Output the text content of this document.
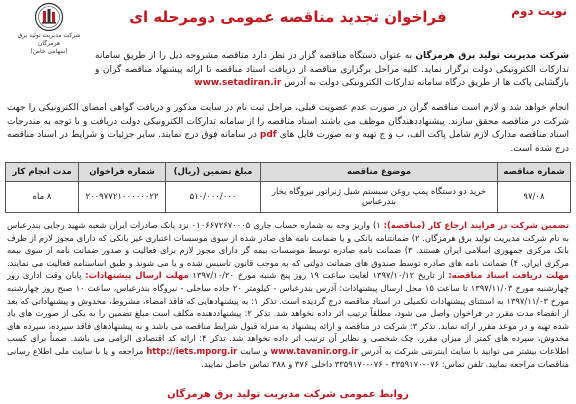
نوبت دوم
فراخوان تجدید مناقصه عمومی دومرحله ای
شرکت مدیریت تولید برق هرمزگان
(سهامی خاص)	شرکت مدیریت تولید برق هرمزگان به عنوان دستگاه مناقصه گزار در نظر دارد مناقصه مشروحه ذیل را از طریق سامانه تدارکات الکترونیکی دولت برگزار نماید. کلیه مراحل برگزاری مناقصه از دریافت اسناد مناقصه تا ارائه پیشنهاد مناقصه گران و بازگشایی پاکت ها از طریق درگاه سامانه تدارکات الکترونیکی دولت به آدرس www.setadiran.ir
انجام خواهد شد و لازم است مناقصه گران در صورت عدم عضویت قبلی، مراحل ثبت نام در سایت مذکور و دریافت گواهی امضای الکترونیکی را جهت شرکت در مناقصه محقق سازند. پیشنهاددهندگان موظف می باشند اسناد مناقصه را از سامانه تدارکات الکترونیکی دولت دریافت و با توجه به مندرجات اسناد مناقصه مدارک لازم شامل پاکت الف، ب و ج تهیه و به صورت فایل های pdf در سامانه فوق درج نمایند. سایر جزئیات و شرایط در اسناد مناقصه درج شده است.
شماره مناقصه	موضوع مناقصه	مبلغ تضمین (ریال)	شماره فراخوان	مدت انجام کار
۹۷/۰۸	خرید دو دستگاه پمپ روغن سیستم شیل ژنراتور نیروگاه بخار بندرعباس	۵۱۰/۰۰۰/۰۰۰	۲۰۰۹۷۷۲۱۰۰۰۰۰۰۲۲	۸ ماه
تضمین شرکت در فرایند ارجاع کار (مناقصه): ۱) واریز وجه به شماره حساب جاری ۰۱۰۶۶۷۲۶۷۰۰۰۵ نزد بانک صادرات ایران شعبه شهید رجایی بندرعباس به نام شرکت مدیریت تولید برق هرمزگان. ۲) ضمانتنامه بانکی و یا ضمانت نامه های صادر شده از سوی موسسات اعتباری غیر بانکی که دارای مجوز لازم از طرف بانک مرکزی جمهوری اسلامی ایران هستند. ۳) ضمانت نامه صادره توسط موسسات بیمه گر دارای مجوز لازم برای فعالیت و صدور ضمانت نامه از سوی بیمه مرکزی ایران. ۴) ضمانت نامه های صادره توسط صندوق های ضمانت دولتی که به موجب قانون تاسیس شده و یا می شوند و طبق اساسنامه فعالیت می نمایند. مهلت دریافت اسناد مناقصه: از تاریخ ۱۳۹۷/۱۰/۱۲ لغایت ساعت ۱۹ روز پنج شنبه مورخ ۱۳۹۷/۱۰/۲۰ مهلت ارسال پیشنهادات: پایان وقت اداری روز چهارشنبه مورخ ۱۳۹۷/۱۱/۰۳ تا ساعت ۱۵ محل ارسال پیشنهادات: آدرس بندرعباس - کیلومتر ۲۰ جاده ساحلی - نیروگاه بندرعباس، ساعت ۱۰ صبح روز چهارشنبه مورخ ۱۳۹۷/۱۱/۰۳ به استثنای پیشنهادات تکمیلی در اسناد مناقصه درج گردیده است. تذکر ۱: به پیشنهادهایی که فاقد امضاء، مشروط، مخدوش و پیشنهاداتی که بعد از انقضاء مدت مقرر در فراخوان واصل می شود، مطلقاً ترتیب اثر داده نخواهد شد. تذکر ۲: پیشنهاددهنده مکلف است مبلغ تضمین را به یکی از صورت های یاد شده تهیه و در موعد مقرر ارائه نماید. تذکر ۳: شرکت در مناقصه و ارائه پیشنهاد به منزله قبول شرایط مناقصه می باشد و به پیشنهادهای فاقد سپرده، سپرده های مخدوش، سپرده های کمتر از میزان مقرر، چک شخصی و نظایر آن ترتیب اثر داده نخواهد شد. تذکر ۴: ارائه کد اقتصادی الزامی می باشد. ضمناً برای کسب اطلاعات بیشتر می توانید با سایت اینترنتی شرکت به آدرس www.tavanir.org.ir و سایت http://iets.mporg.ir مراجعه و یا با سایت ملی اطلاع رسانی مناقصات مراجعه نمایید. تلفن تماس: ۰۷۶-۳۳۵۹۱۷۰ - ۰۷۶-۳۳۵۹۱۷۰ داخلی ۳۷۶ و ۳۸۸ تماس حاصل نمایید.
روابط عمومی شرکت مدیریت تولید برق هرمزگان
